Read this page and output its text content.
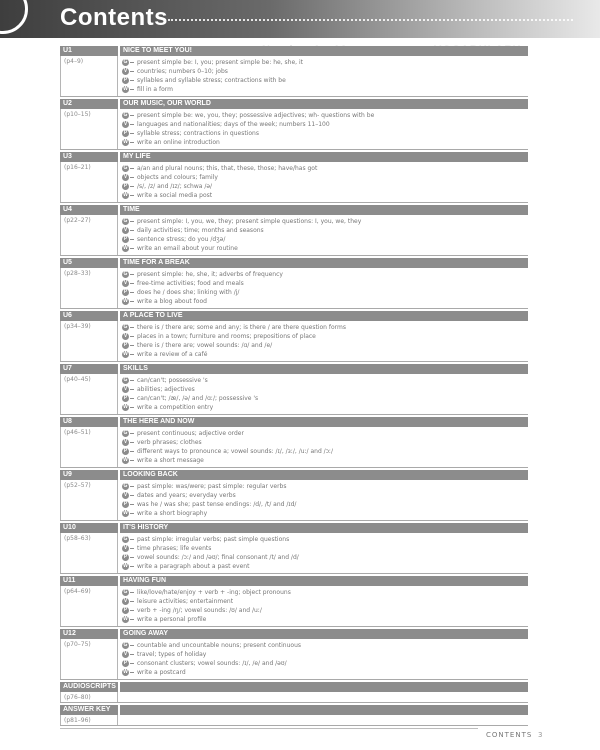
Contents
U1	NICE TO MEET YOU!
(p4–9)	G present simple be: I, you; present simple be: he, she, it
V	countries; numbers 0–10; jobs
P	syllables and syllable stress; contractions with be
W fill in a form
U2	OUR MUSIC, OUR WORLD
(p10–15)	G present simple be: we, you, they; possessive adjectives; wh- questions with be
V	languages and nationalities; days of the week; numbers 11–100
P	syllable stress; contractions in questions
W write an online introduction
U3	MY LIFE
(p16–21)	G a/an and plural nouns; this, that, these, those; have/has got
V	objects and colours; family
P	/s/, /z/ and /ɪz/; schwa /ə/
W write a social media post
U4	TIME
(p22–27)	G present simple: I, you, we, they; present simple questions: I, you, we, they
V	daily activities; time; months and seasons
P	sentence stress; do you /dʒə/
W write an email about your routine
U5	TIME FOR A BREAK
(p28–33)	G present simple: he, she, it; adverbs of frequency
V	free-time activities; food and meals
P	does he / does she; linking with /j/
W write a blog about food
U6	A PLACE TO LIVE
(p34–39)	G there is / there are; some and any; is there / are there question forms
V	places in a town; furniture and rooms; prepositions of place
P	there is / there are; vowel sounds: /ɑ/ and /e/
W write a review of a café
U7	SKILLS
(p40–45)	G can/can't; possessive 's
V	abilities; adjectives
P	can/can't; /æ/, /ə/ and /ɑː/; possessive 's
W write a competition entry
U8	THE HERE AND NOW
(p46–51)	G present continuous; adjective order
V	verb phrases; clothes
P	different ways to pronounce a; vowel sounds: /ɪ/, /ɜː/, /uː/ and /ɔː/
W write a short message
U9	LOOKING BACK
(p52–57)	G past simple: was/were; past simple: regular verbs
V	dates and years; everyday verbs
P	was he / was she; past tense endings: /d/, /t/ and /ɪd/
W write a short biography
U10	IT'S HISTORY
(p58–63)	G past simple: irregular verbs; past simple questions
V	time phrases; life events
P	vowel sounds: /ɔː/ and /əʊ/; final consonant /t/ and /d/
W write a paragraph about a past event
U11	HAVING FUN
(p64–69)	G like/love/hate/enjoy + verb + -ing; object pronouns
V	leisure activities; entertainment
P	verb + -ing /ŋ/; vowel sounds: /ʊ/ and /uː/
W write a personal profile
U12	GOING AWAY
(p70–75)	G countable and uncountable nouns; present continuous
V	travel; types of holiday
P	consonant clusters; vowel sounds: /ɪ/, /e/ and /əʊ/
W write a postcard
AUDIOSCRIPTS
(p76–80)
ANSWER KEY
(p81–96)
CONTENTS 3
